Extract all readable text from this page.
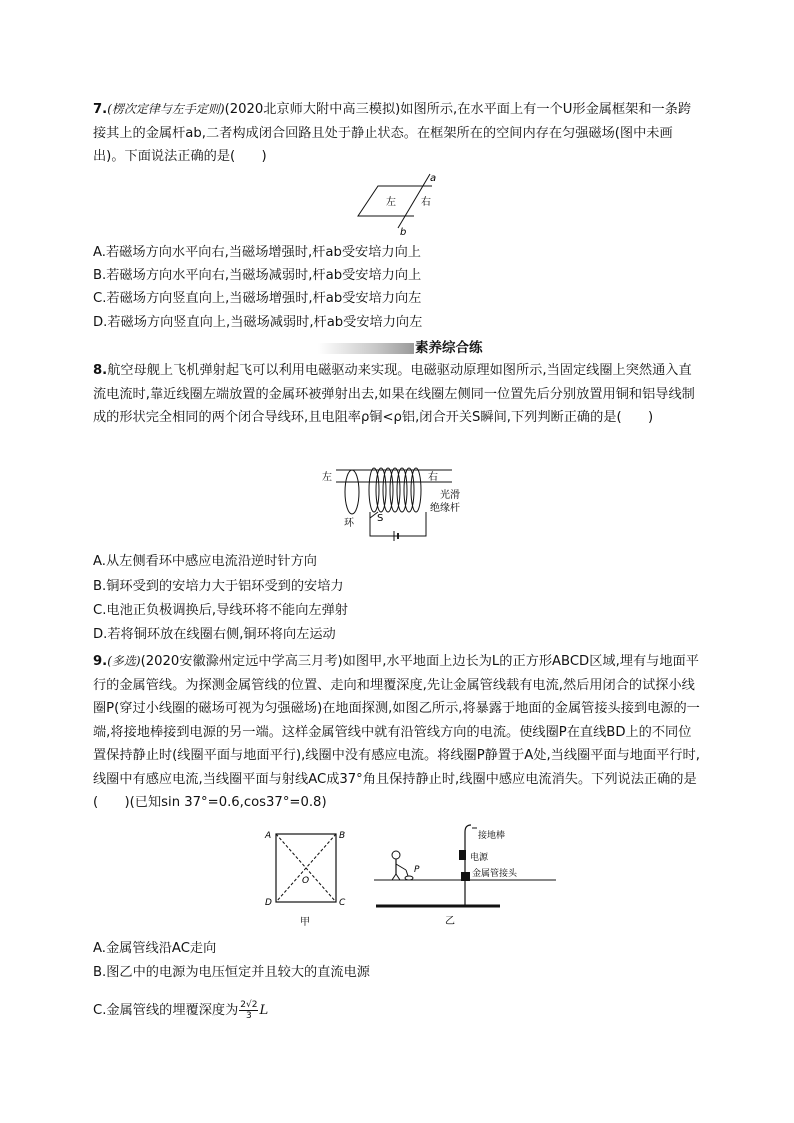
7.(楞次定律与左手定则)(2020北京师大附中高三模拟)如图所示,在水平面上有一个U形金属框架和一条跨接其上的金属杆ab,二者构成闭合回路且处于静止状态。在框架所在的空间内存在匀强磁场(图中未画出)。下面说法正确的是(　　)

左	右
a
b
A.若磁场方向水平向右,当磁场增强时,杆ab受安培力向上
B.若磁场方向水平向右,当磁场减弱时,杆ab受安培力向上
C.若磁场方向竖直向上,当磁场增强时,杆ab受安培力向左
D.若磁场方向竖直向上,当磁场减弱时,杆ab受安培力向左
素养综合练

8.航空母舰上飞机弹射起飞可以利用电磁驱动来实现。电磁驱动原理如图所示,当固定线圈上突然通入直流电流时,靠近线圈左端放置的金属环被弹射出去,如果在线圈左侧同一位置先后分别放置用铜和铝导线制成的形状完全相同的两个闭合导线环,且电阻率ρ铜<ρ铝,闭合开关S瞬间,下列判断正确的是(　　)

左	右
环 S
光滑
绝缘杆
A.从左侧看环中感应电流沿逆时针方向
B.铜环受到的安培力大于铝环受到的安培力
C.电池正负极调换后,导线环将不能向左弹射
D.若将铜环放在线圈右侧,铜环将向左运动

9.(多选)(2020安徽滁州定远中学高三月考)如图甲,水平地面上边长为L的正方形ABCD区域,埋有与地面平行的金属管线。为探测金属管线的位置、走向和埋覆深度,先让金属管线载有电流,然后用闭合的试探小线圈P(穿过小线圈的磁场可视为匀强磁场)在地面探测,如图乙所示,将暴露于地面的金属管接头接到电源的一端,将接地棒接到电源的另一端。这样金属管线中就有沿管线方向的电流。使线圈P在直线BD上的不同位置保持静止时(线圈平面与地面平行),线圈中没有感应电流。将线圈P静置于A处,当线圈平面与地面平行时,线圈中有感应电流,当线圈平面与射线AC成37°角且保持静止时,线圈中感应电流消失。下列说法正确的是(　　)(已知sin 37°=0.6,cos37°=0.8)

A	B
C
D
O
甲
P
接地棒
电源
金属管接头
乙
A.金属管线沿AC走向
B.图乙中的电源为电压恒定并且较大的直流电源
C.金属管线的埋覆深度为 $\frac{2√2}{3}$ L
